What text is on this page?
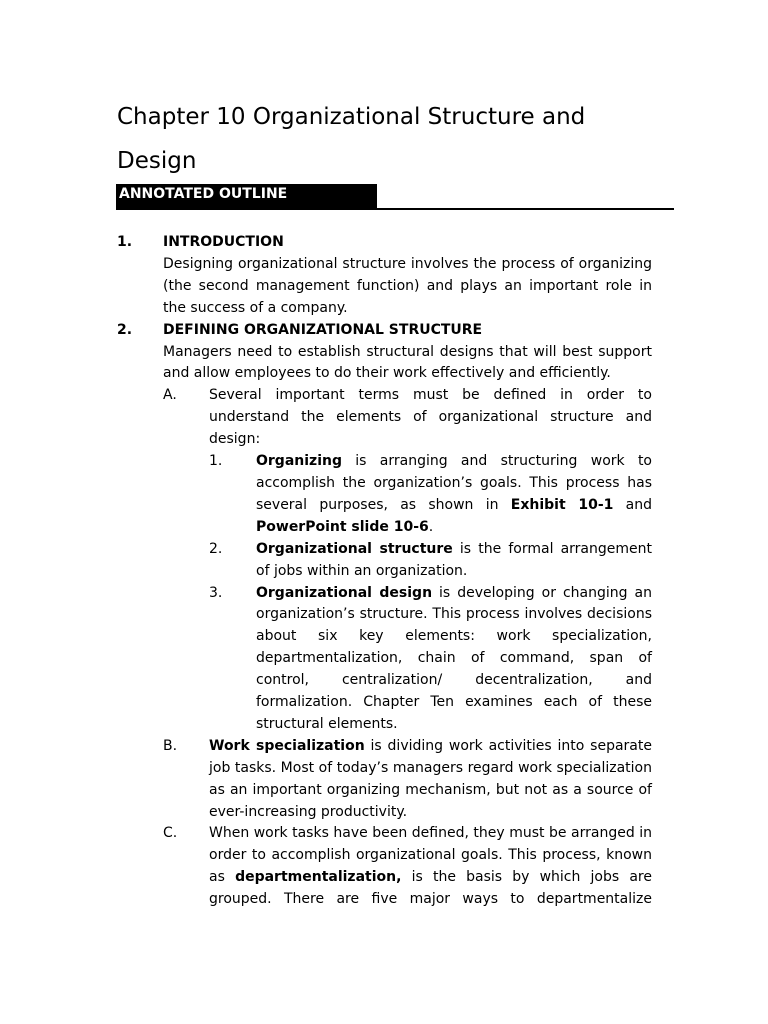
Chapter 10 Organizational Structure and Design
ANNOTATED OUTLINE
1.	INTRODUCTION

Designing organizational structure involves the process of organizing (the second management function) and plays an important role in the success of a company.

2.	DEFINING ORGANIZATIONAL STRUCTURE

Managers need to establish structural designs that will best support and allow employees to do their work effectively and efficiently.

A.	Several important terms must be defined in order to understand the elements of organizational structure and design:

1.	Organizing is arranging and structuring work to accomplish the organization’s goals. This process has several purposes, as shown in Exhibit 10-1 and PowerPoint slide 10-6.

2.	Organizational structure is the formal arrangement of jobs within an organization.

3.	Organizational design is developing or changing an organization’s structure. This process involves decisions about six key elements: work specialization, departmentalization, chain of command, span of control, centralization/ decentralization, and formalization. Chapter Ten examines each of these structural elements.

B.	Work specialization is dividing work activities into separate job tasks. Most of today’s managers regard work specialization as an important organizing mechanism, but not as a source of ever-increasing productivity.

C.	When work tasks have been defined, they must be arranged in order to accomplish organizational goals. This process, known as departmentalization, is the basis by which jobs are grouped. There are five major ways to departmentalize
